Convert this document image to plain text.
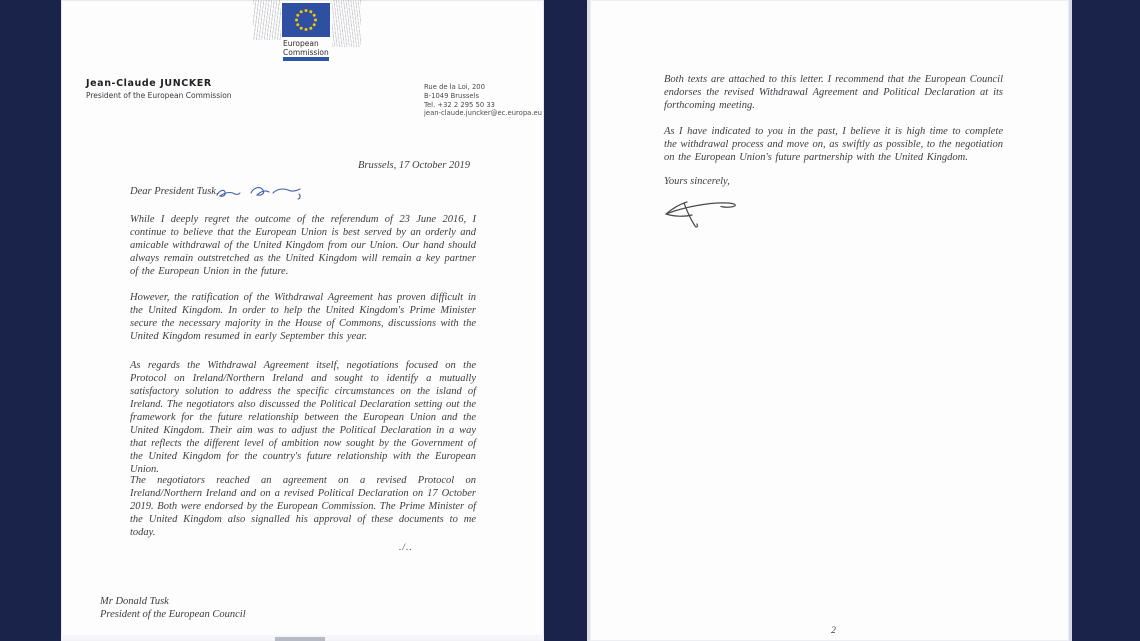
European
Commission
Jean-Claude JUNCKER
President of the European Commission
Rue de la Loi, 200
B-1049 Brussels
Tel. +32 2 295 50 33
jean-claude.juncker@ec.europa.eu
Brussels, 17 October 2019
Dear President Tusk,

While I deeply regret the outcome of the referendum of 23 June 2016, I continue to believe that the European Union is best served by an orderly and amicable withdrawal of the United Kingdom from our Union. Our hand should always remain outstretched as the United Kingdom will remain a key partner of the European Union in the future.

However, the ratification of the Withdrawal Agreement has proven difficult in the United Kingdom. In order to help the United Kingdom's Prime Minister secure the necessary majority in the House of Commons, discussions with the United Kingdom resumed in early September this year.

As regards the Withdrawal Agreement itself, negotiations focused on the Protocol on Ireland/Northern Ireland and sought to identify a mutually satisfactory solution to address the specific circumstances on the island of Ireland. The negotiators also discussed the Political Declaration setting out the framework for the future relationship between the European Union and the United Kingdom. Their aim was to adjust the Political Declaration in a way that reflects the different level of ambition now sought by the Government of the United Kingdom for the country's future relationship with the European Union.

The negotiators reached an agreement on a revised Protocol on Ireland/Northern Ireland and on a revised Political Declaration on 17 October 2019. Both were endorsed by the European Commission. The Prime Minister of the United Kingdom also signalled his approval of these documents to me today.

./..
Mr Donald Tusk
President of the European Council

Both texts are attached to this letter. I recommend that the European Council endorses the revised Withdrawal Agreement and Political Declaration at its forthcoming meeting.

As I have indicated to you in the past, I believe it is high time to complete the withdrawal process and move on, as swiftly as possible, to the negotiation on the European Union's future partnership with the United Kingdom.

Yours sincerely,
2
